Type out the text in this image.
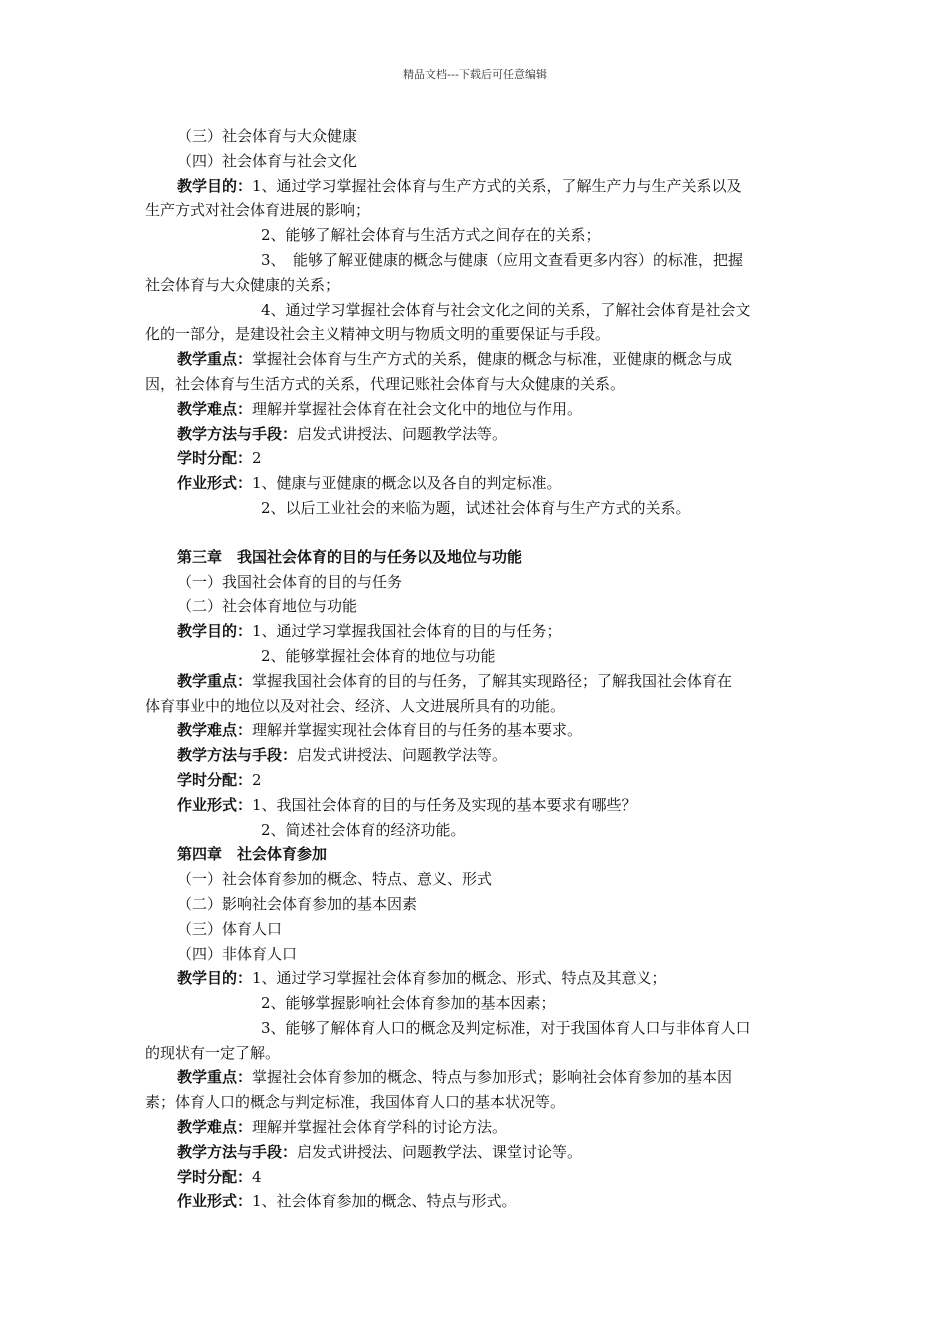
精品文档---下载后可任意编辑

（三）社会体育与大众健康

（四）社会体育与社会文化

教学目的：1、通过学习掌握社会体育与生产方式的关系，了解生产力与生产关系以及

生产方式对社会体育进展的影响；

2、能够了解社会体育与生活方式之间存在的关系；

3、　能够了解亚健康的概念与健康（应用文查看更多内容）的标准，把握

社会体育与大众健康的关系；

4、通过学习掌握社会体育与社会文化之间的关系，了解社会体育是社会文

化的一部分，是建设社会主义精神文明与物质文明的重要保证与手段。

教学重点：掌握社会体育与生产方式的关系，健康的概念与标准，亚健康的概念与成

因，社会体育与生活方式的关系，代理记账社会体育与大众健康的关系。

教学难点：理解并掌握社会体育在社会文化中的地位与作用。

教学方法与手段：启发式讲授法、问题教学法等。

学时分配：2

作业形式：1、健康与亚健康的概念以及各自的判定标准。

2、以后工业社会的来临为题，试述社会体育与生产方式的关系。

第三章　我国社会体育的目的与任务以及地位与功能

（一）我国社会体育的目的与任务

（二）社会体育地位与功能

教学目的：1、通过学习掌握我国社会体育的目的与任务；

2、能够掌握社会体育的地位与功能

教学重点：掌握我国社会体育的目的与任务，了解其实现路径；了解我国社会体育在

体育事业中的地位以及对社会、经济、人文进展所具有的功能。

教学难点：理解并掌握实现社会体育目的与任务的基本要求。

教学方法与手段：启发式讲授法、问题教学法等。

学时分配：2

作业形式：1、我国社会体育的目的与任务及实现的基本要求有哪些？

2、简述社会体育的经济功能。

第四章　社会体育参加

（一）社会体育参加的概念、特点、意义、形式

（二）影响社会体育参加的基本因素

（三）体育人口

（四）非体育人口

教学目的：1、通过学习掌握社会体育参加的概念、形式、特点及其意义；

2、能够掌握影响社会体育参加的基本因素；

3、能够了解体育人口的概念及判定标准，对于我国体育人口与非体育人口

的现状有一定了解。

教学重点：掌握社会体育参加的概念、特点与参加形式；影响社会体育参加的基本因

素；体育人口的概念与判定标准，我国体育人口的基本状况等。

教学难点：理解并掌握社会体育学科的讨论方法。

教学方法与手段：启发式讲授法、问题教学法、课堂讨论等。

学时分配：4

作业形式：1、社会体育参加的概念、特点与形式。
